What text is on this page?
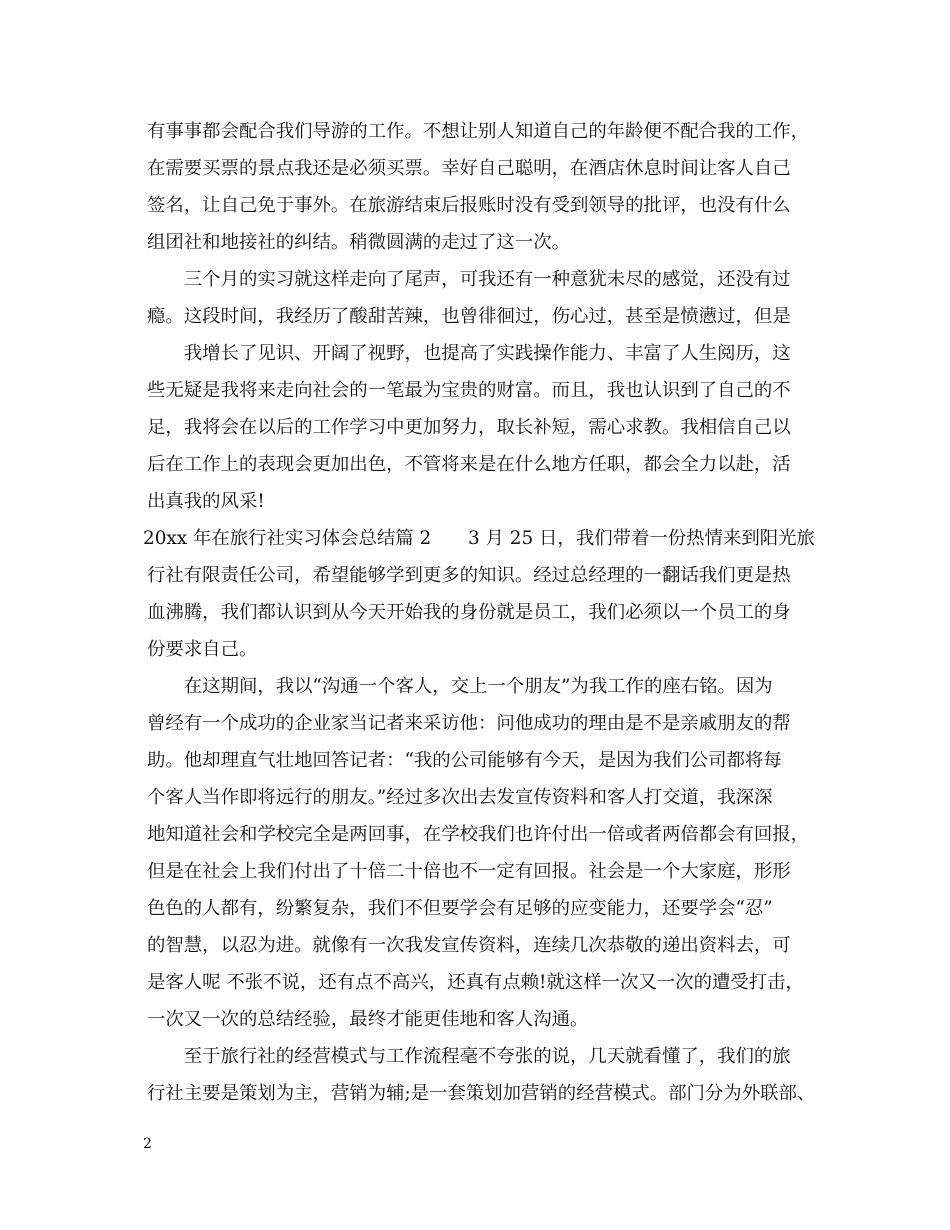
有事事都会配合我们导游的工作。不想让别人知道自己的年龄便不配合我的工作，
在需要买票的景点我还是必须买票。幸好自己聪明，在酒店休息时间让客人自己
签名，让自己免于事外。在旅游结束后报账时没有受到领导的批评，也没有什么
组团社和地接社的纠结。稍微圆满的走过了这一次。
　　三个月的实习就这样走向了尾声，可我还有一种意犹未尽的感觉，还没有过
瘾。这段时间，我经历了酸甜苦辣，也曾徘徊过，伤心过，甚至是愤懑过，但是
　　我增长了见识、开阔了视野，也提高了实践操作能力、丰富了人生阅历，这
些无疑是我将来走向社会的一笔最为宝贵的财富。而且，我也认识到了自己的不
足，我将会在以后的工作学习中更加努力，取长补短，需心求教。我相信自己以
后在工作上的表现会更加出色，不管将来是在什么地方任职，都会全力以赴，活
出真我的风采!
20xx 年在旅行社实习体会总结篇 2　　3 月 25 日，我们带着一份热情来到阳光旅
行社有限责任公司，希望能够学到更多的知识。经过总经理的一翻话我们更是热
血沸腾，我们都认识到从今天开始我的身份就是员工，我们必须以一个员工的身
份要求自己。
　　在这期间，我以“沟通一个客人，交上一个朋友”为我工作的座右铭。因为
曾经有一个成功的企业家当记者来采访他：问他成功的理由是不是亲戚朋友的帮
助。他却理直气壮地回答记者：“我的公司能够有今天，是因为我们公司都将每
个客人当作即将远行的朋友。”经过多次出去发宣传资料和客人打交道，我深深
地知道社会和学校完全是两回事，在学校我们也许付出一倍或者两倍都会有回报，
但是在社会上我们付出了十倍二十倍也不一定有回报。社会是一个大家庭，形形
色色的人都有，纷繁复杂，我们不但要学会有足够的应变能力，还要学会“忍”
的智慧，以忍为进。就像有一次我发宣传资料，连续几次恭敬的递出资料去，可
是客人呢 不张不说，还有点不高兴，还真有点赖!就这样一次又一次的遭受打击，
一次又一次的总结经验，最终才能更佳地和客人沟通。
　　至于旅行社的经营模式与工作流程毫不夸张的说，几天就看懂了，我们的旅
行社主要是策划为主，营销为辅;是一套策划加营销的经营模式。部门分为外联部、
2
